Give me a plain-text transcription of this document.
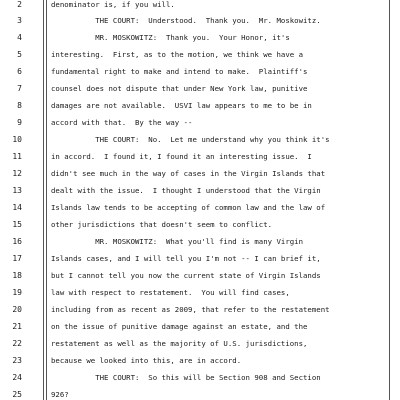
2
3
4
5
6
7
8
9
10
11
12
13
14
15
16
17
18
19
20
21
22
23
24
25
denominator is, if you will.
THE COURT:  Understood.  Thank you.  Mr. Moskowitz.
MR. MOSKOWITZ:  Thank you.  Your Honor, it's
interesting.  First, as to the motion, we think we have a
fundamental right to make and intend to make.  Plaintiff's
counsel does not dispute that under New York law, punitive
damages are not available.  USVI law appears to me to be in
accord with that.  By the way --
THE COURT:  No.  Let me understand why you think it's
in accord.  I found it, I found it an interesting issue.  I
didn't see much in the way of cases in the Virgin Islands that
dealt with the issue.  I thought I understood that the Virgin
Islands law tends to be accepting of common law and the law of
other jurisdictions that doesn't seem to conflict.
MR. MOSKOWITZ:  What you'll find is many Virgin
Islands cases, and I will tell you I'm not -- I can brief it,
but I cannot tell you now the current state of Virgin Islands
law with respect to restatement.  You will find cases,
including from as recent as 2009, that refer to the restatement
on the issue of punitive damage against an estate, and the
restatement as well as the majority of U.S. jurisdictions,
because we looked into this, are in accord.
THE COURT:  So this will be Section 908 and Section
926?
